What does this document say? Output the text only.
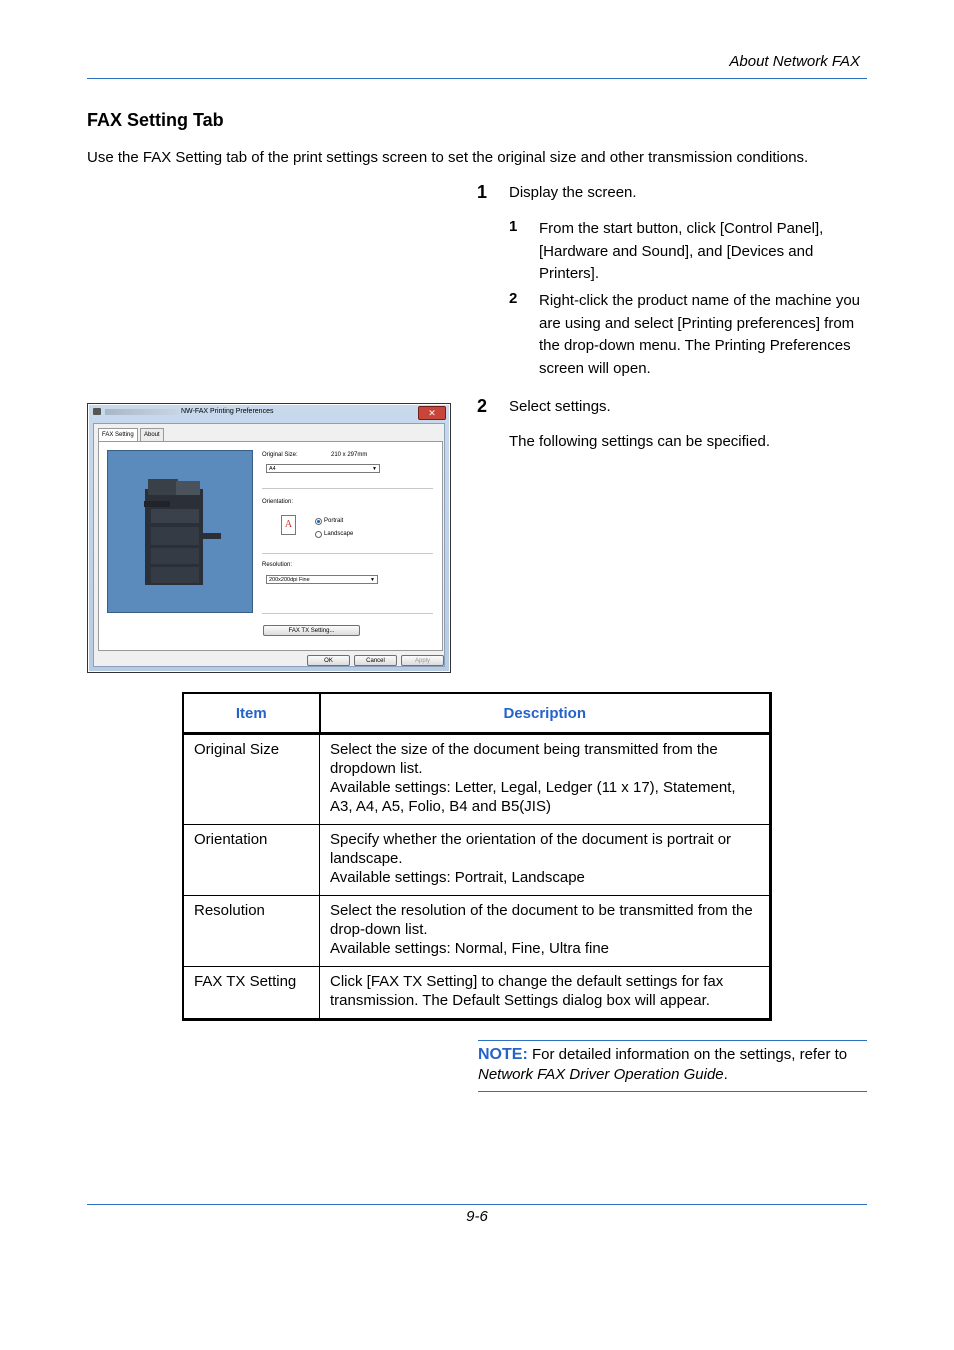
About Network FAX
FAX Setting Tab
Use the FAX Setting tab of the print settings screen to set the original size and other transmission conditions.
1 Display the screen.
1 From the start button, click [Control Panel], [Hardware and Sound], and [Devices and Printers].
2 Right-click the product name of the machine you are using and select [Printing preferences] from the drop-down menu. The Printing Preferences screen will open.
2 Select settings.
The following settings can be specified.
NW-FAX Printing Preferences	✕
FAX Setting	About
Original Size:	210 x 297mm
A4	▼
Orientation:
A	Portrait
Landscape
Resolution:
200x200dpi Fine	▼
FAX TX Setting...
OK	Cancel	Apply
Item	Description
Original Size	Select the size of the document being transmitted from the dropdown list.
Available settings: Letter, Legal, Ledger (11 x 17), Statement, A3, A4, A5, Folio, B4 and B5(JIS)

Orientation	Specify whether the orientation of the document is portrait or landscape.
Available settings: Portrait, Landscape

Resolution	Select the resolution of the document to be transmitted from the drop-down list.
Available settings: Normal, Fine, Ultra fine

FAX TX Setting	Click [FAX TX Setting] to change the default settings for fax transmission. The Default Settings dialog box will appear.
NOTE: For detailed information on the settings, refer to Network FAX Driver Operation Guide.
9-6
